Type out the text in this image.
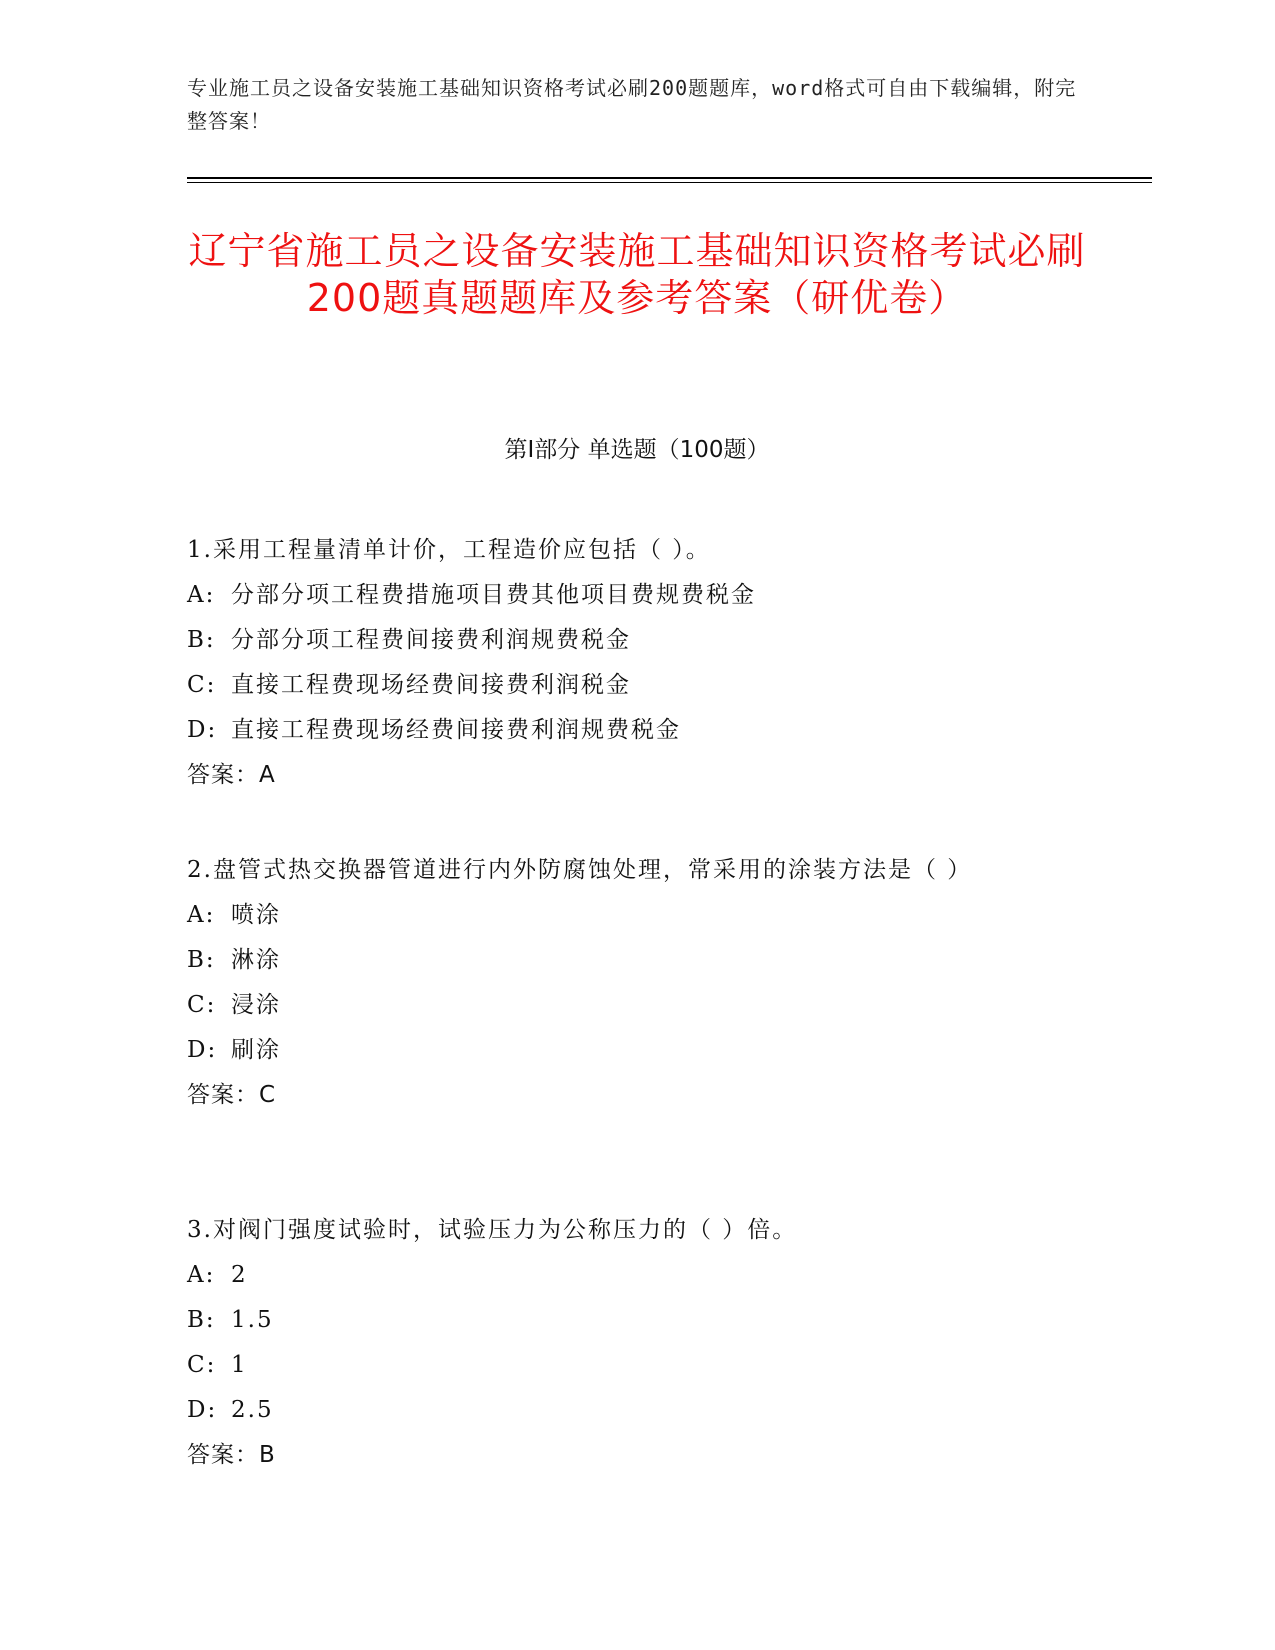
专业施工员之设备安装施工基础知识资格考试必刷200题题库，word格式可自由下载编辑，附完整答案！
辽宁省施工员之设备安装施工基础知识资格考试必刷200题真题题库及参考答案（研优卷）
第Ⅰ部分 单选题（100题）

1.采用工程量清单计价，工程造价应包括（ ）。

A: 分部分项工程费措施项目费其他项目费规费税金

B: 分部分项工程费间接费利润规费税金

C: 直接工程费现场经费间接费利润税金

D: 直接工程费现场经费间接费利润规费税金

答案：A

2.盘管式热交换器管道进行内外防腐蚀处理，常采用的涂装方法是（ ）

A: 喷涂

B: 淋涂

C: 浸涂

D: 刷涂

答案：C

3.对阀门强度试验时，试验压力为公称压力的（ ）倍。

A: 2

B: 1.5

C: 1

D: 2.5

答案：B
